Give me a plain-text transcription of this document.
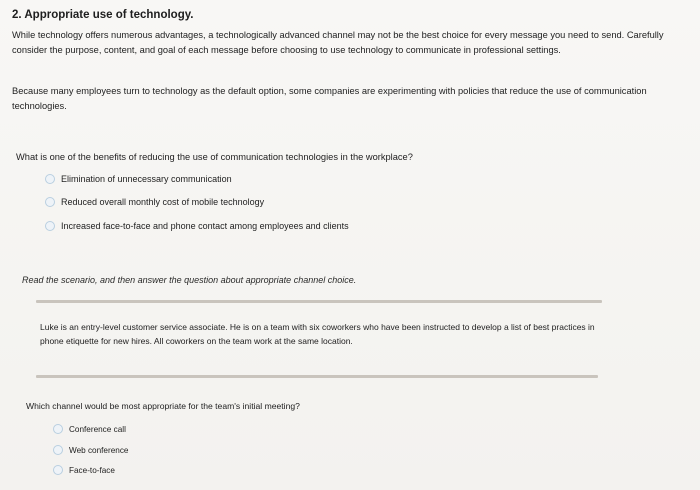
2. Appropriate use of technology.
While technology offers numerous advantages, a technologically advanced channel may not be the best choice for every message you need to send. Carefully consider the purpose, content, and goal of each message before choosing to use technology to communicate in professional settings.
Because many employees turn to technology as the default option, some companies are experimenting with policies that reduce the use of communication technologies.
What is one of the benefits of reducing the use of communication technologies in the workplace?
Elimination of unnecessary communication
Reduced overall monthly cost of mobile technology
Increased face-to-face and phone contact among employees and clients
Read the scenario, and then answer the question about appropriate channel choice.
Luke is an entry-level customer service associate. He is on a team with six coworkers who have been instructed to develop a list of best practices in phone etiquette for new hires. All coworkers on the team work at the same location.
Which channel would be most appropriate for the team's initial meeting?
Conference call
Web conference
Face-to-face
